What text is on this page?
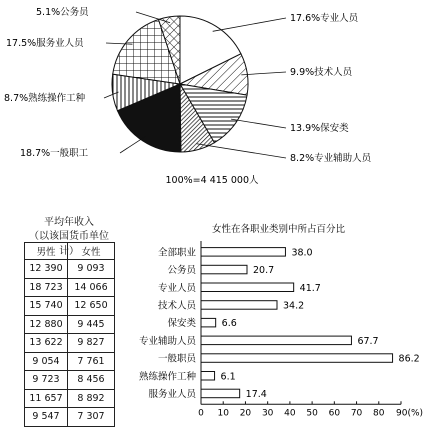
17.6%专业人员
9.9%技术人员
13.9%保安类
8.2%专业辅助人员
18.7%一般职工
8.7%熟练操作工种
17.5%服务业人员
5.1%公务员
100%=4 415 000人
女性在各职业类别中所占百分比
全部职业	38.0
公务员	20.7
专业人员	41.7
技术人员	34.2
保安类	6.6
专业辅助人员	67.7
一般职员	86.2
熟练操作工种	6.1
服务业人员	17.4
0 10 20 30 40 50 60 70 80 90(%)
平均年收入
（以该国货币单位计）
男性	女性
12 390	9 093
18 723	14 066
15 740	12 650
12 880	9 445
13 622	9 827
9 054	7 761
9 723	8 456
11 657	8 892
9 547	7 307
